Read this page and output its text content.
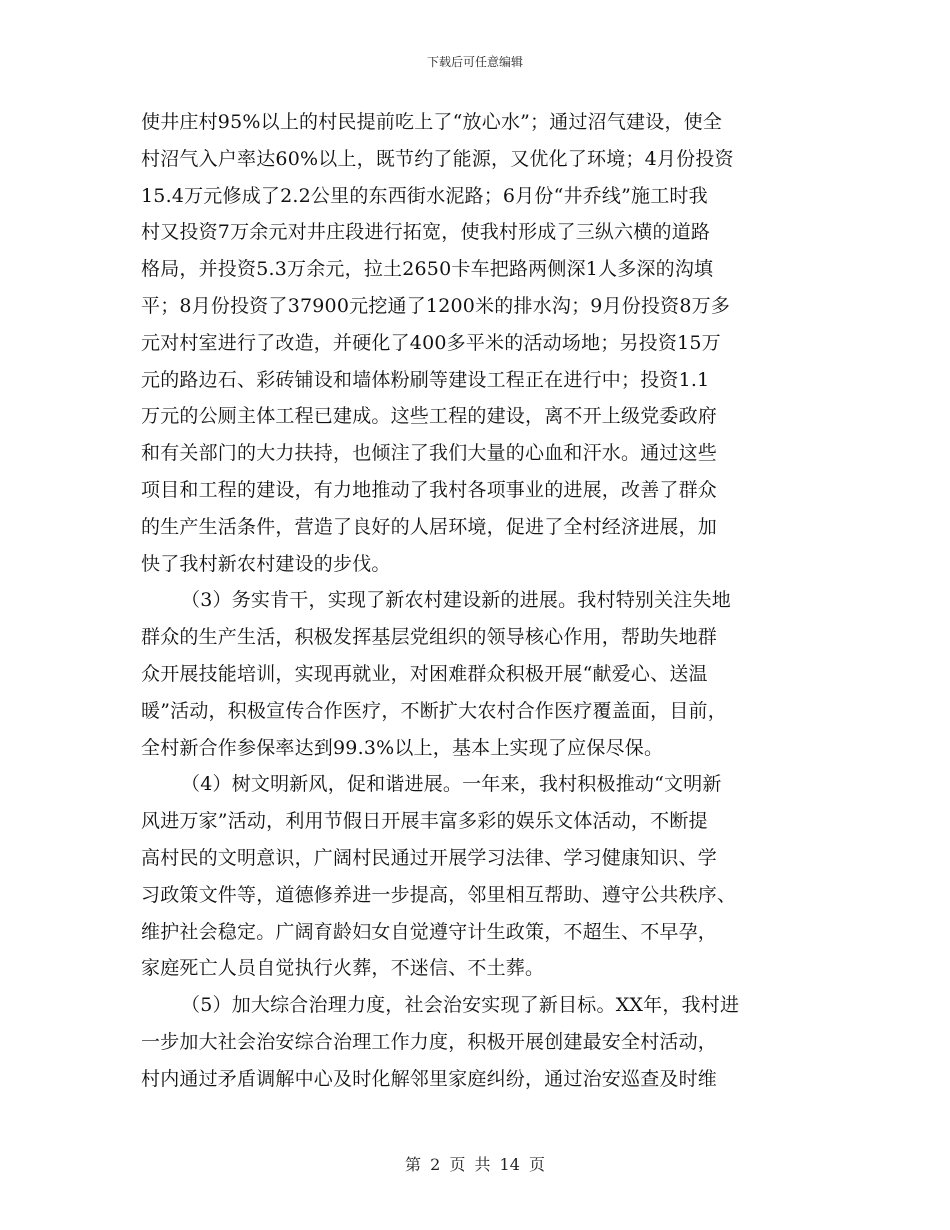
下载后可任意编辑
使井庄村95%以上的村民提前吃上了“放心水”；通过沼气建设，使全
村沼气入户率达60%以上，既节约了能源，又优化了环境；4月份投资
15.4万元修成了2.2公里的东西街水泥路；6月份“井乔线”施工时我
村又投资7万余元对井庄段进行拓宽，使我村形成了三纵六横的道路
格局，并投资5.3万余元，拉土2650卡车把路两侧深1人多深的沟填
平；8月份投资了37900元挖通了1200米的排水沟；9月份投资8万多
元对村室进行了改造，并硬化了400多平米的活动场地；另投资15万
元的路边石、彩砖铺设和墙体粉刷等建设工程正在进行中；投资1.1
万元的公厕主体工程已建成。这些工程的建设，离不开上级党委政府
和有关部门的大力扶持，也倾注了我们大量的心血和汗水。通过这些
项目和工程的建设，有力地推动了我村各项事业的进展，改善了群众
的生产生活条件，营造了良好的人居环境，促进了全村经济进展，加
快了我村新农村建设的步伐。
（3）务实肯干，实现了新农村建设新的进展。我村特别关注失地
群众的生产生活，积极发挥基层党组织的领导核心作用，帮助失地群
众开展技能培训，实现再就业，对困难群众积极开展“献爱心、送温
暖”活动，积极宣传合作医疗，不断扩大农村合作医疗覆盖面，目前，
全村新合作参保率达到99.3%以上，基本上实现了应保尽保。
（4）树文明新风，促和谐进展。一年来，我村积极推动“文明新
风进万家”活动，利用节假日开展丰富多彩的娱乐文体活动，不断提
高村民的文明意识，广阔村民通过开展学习法律、学习健康知识、学
习政策文件等，道德修养进一步提高，邻里相互帮助、遵守公共秩序、
维护社会稳定。广阔育龄妇女自觉遵守计生政策，不超生、不早孕，
家庭死亡人员自觉执行火葬，不迷信、不土葬。
（5）加大综合治理力度，社会治安实现了新目标。XX年，我村进
一步加大社会治安综合治理工作力度，积极开展创建最安全村活动，
村内通过矛盾调解中心及时化解邻里家庭纠纷，通过治安巡查及时维
第 2 页 共 14 页
